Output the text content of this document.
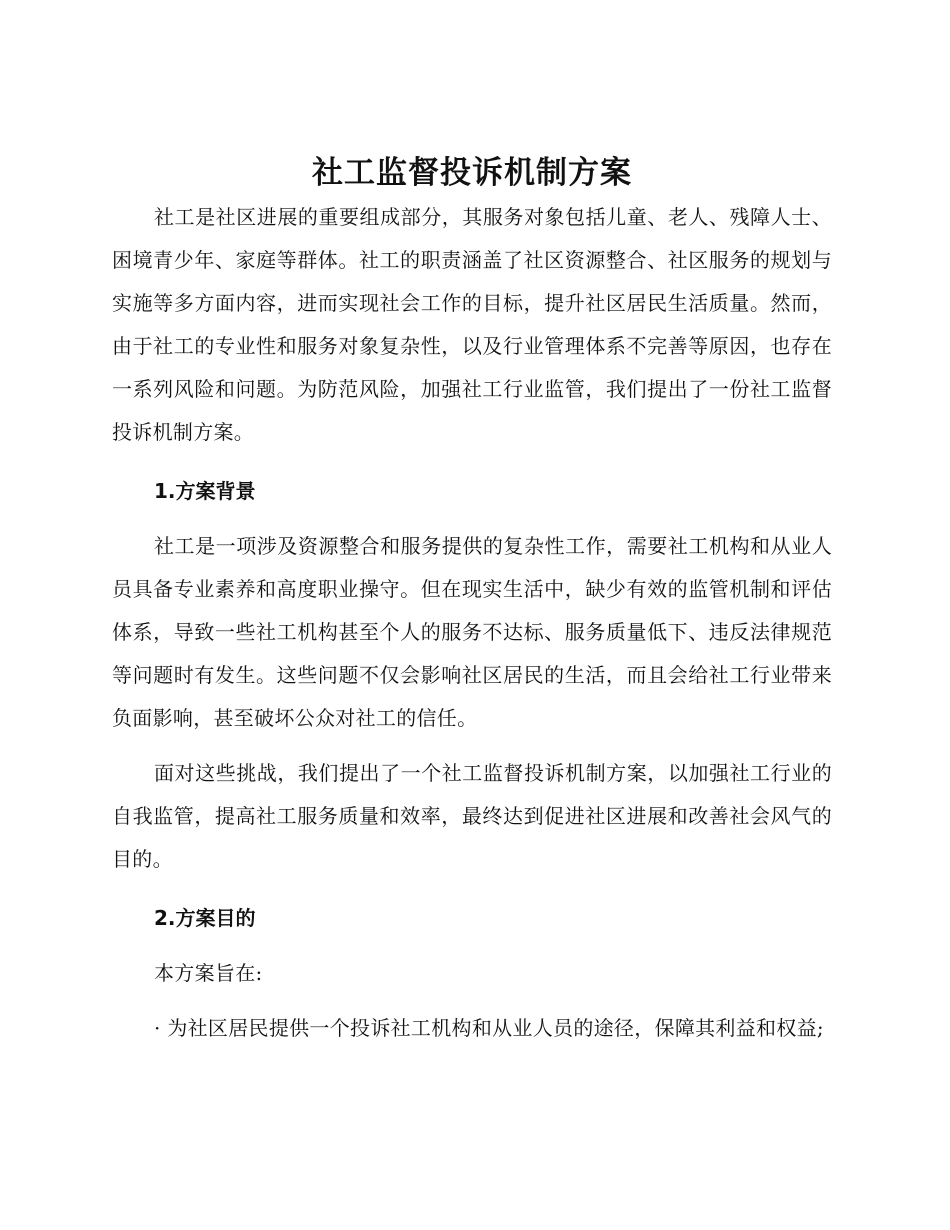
社工监督投诉机制方案

社工是社区进展的重要组成部分，其服务对象包括儿童、老人、残障人士、困境青少年、家庭等群体。社工的职责涵盖了社区资源整合、社区服务的规划与实施等多方面内容，进而实现社会工作的目标，提升社区居民生活质量。然而，由于社工的专业性和服务对象复杂性，以及行业管理体系不完善等原因，也存在一系列风险和问题。为防范风险，加强社工行业监管，我们提出了一份社工监督投诉机制方案。

1.方案背景

社工是一项涉及资源整合和服务提供的复杂性工作，需要社工机构和从业人员具备专业素养和高度职业操守。但在现实生活中，缺少有效的监管机制和评估体系，导致一些社工机构甚至个人的服务不达标、服务质量低下、违反法律规范等问题时有发生。这些问题不仅会影响社区居民的生活，而且会给社工行业带来负面影响，甚至破坏公众对社工的信任。

面对这些挑战，我们提出了一个社工监督投诉机制方案，以加强社工行业的自我监管，提高社工服务质量和效率，最终达到促进社区进展和改善社会风气的目的。

2.方案目的

本方案旨在:

· 为社区居民提供一个投诉社工机构和从业人员的途径，保障其利益和权益;
